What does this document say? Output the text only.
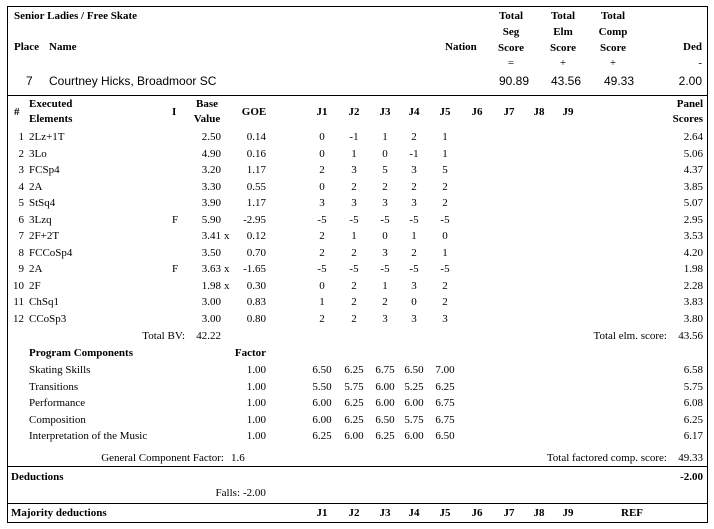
Senior Ladies / Free Skate
Place Name	Nation
Total	Total	Total
Seg	Elm	Comp
Score	Score	Score	Ded
=	+	+	-
7 Courtney Hicks, Broadmoor SC	90.89	43.56	49.33	2.00
#
Executed
Elements
I
Base
Value
GOE	J1	J2	J3	J4	J5	J6	J7	J8	J9
Panel
Scores
1 2Lz+1T	2.50	0.14	0	-1	1	2	1	2.64
2 3Lo	4.90	0.16	0	1	0	-1	1	5.06
3 FCSp4	3.20	1.17	2	3	5	3	5	4.37
4 2A	3.30	0.55	0	2	2	2	2	3.85
5 StSq4	3.90	1.17	3	3	3	3	2	5.07
6 3Lzq	F	5.90	-2.95	-5	-5	-5	-5	-5	2.95
7 2F+2T	3.41 x	0.12	2	1	0	1	0	3.53
8 FCCoSp4	3.50	0.70	2	2	3	2	1	4.20
9 2A	F	3.63 x	-1.65	-5	-5	-5	-5	-5	1.98
10 2F	1.98 x	0.30	0	2	1	3	2	2.28
11 ChSq1	3.00	0.83	1	2	2	0	2	3.83
12 CCoSp3	3.00	0.80	2	2	3	3	3	3.80
Total BV:	42.22	Total elm. score:	43.56
Program Components	Factor
Skating Skills	1.00	6.50	6.25	6.75 6.50	7.00	6.58
Transitions	1.00	5.50	5.75	6.00 5.25	6.25	5.75
Performance	1.00	6.00	6.25	6.00 6.00	6.75	6.08
Composition	1.00	6.00	6.25	6.50 5.75	6.75	6.25
Interpretation of the Music	1.00	6.25	6.00	6.25 6.00	6.50	6.17
General Component Factor: 1.6	Total factored comp. score:	49.33
Deductions	-2.00
Falls: -2.00
Majority deductions	J1	J2	J3	J4	J5	J6	J7	J8	J9	REF
